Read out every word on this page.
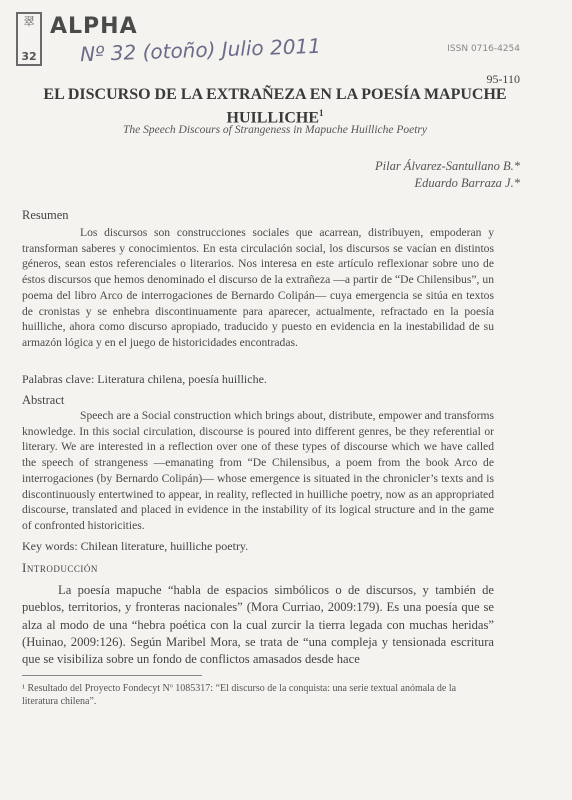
翠
32
ALPHA
Nº 32 (otoño) Julio 2011	ISSN 0716-4254
95-110
EL DISCURSO DE LA EXTRAÑEZA EN LA POESÍA MAPUCHE HUILLICHE$^1$
The Speech Discours of Strangeness in Mapuche Huilliche Poetry
Pilar Álvarez-Santullano B.*
Eduardo Barraza J.*
Resumen

Los discursos son construcciones sociales que acarrean, distribuyen, empoderan y transforman saberes y conocimientos. En esta circulación social, los discursos se vacían en distintos géneros, sean estos referenciales o literarios. Nos interesa en este artículo reflexionar sobre uno de éstos discursos que hemos denominado el discurso de la extrañeza —a partir de “De Chilensibus”, un poema del libro Arco de interrogaciones de Bernardo Colipán— cuya emergencia se sitúa en textos de cronistas y se enhebra discontinuamente para aparecer, actualmente, refractado en la poesía huilliche, ahora como discurso apropiado, traducido y puesto en evidencia en la inestabilidad de su armazón lógica y en el juego de historicidades encontradas.

Palabras clave: Literatura chilena, poesía huilliche.
Abstract

Speech are a Social construction which brings about, distribute, empower and transforms knowledge. In this social circulation, discourse is poured into different genres, be they referential or literary. We are interested in a reflection over one of these types of discourse which we have called the speech of strangeness —emanating from “De Chilensibus, a poem from the book Arco de interrogaciones (by Bernardo Colipán)— whose emergence is situated in the chronicler’s texts and is discontinuously entertwined to appear, in reality, reflected in huilliche poetry, now as an appropriated discourse, translated and placed in evidence in the instability of its logical structure and in the game of confronted historicities.

Key words: Chilean literature, huilliche poetry.
Introducción

La poesía mapuche “habla de espacios simbólicos o de discursos, y también de pueblos, territorios, y fronteras nacionales” (Mora Curriao, 2009:179). Es una poesía que se alza al modo de una “hebra poética con la cual zurcir la tierra legada con muchas heridas” (Huinao, 2009:126). Según Maribel Mora, se trata de “una compleja y tensionada escritura que se visibiliza sobre un fondo de conflictos amasados desde hace

¹ Resultado del Proyecto Fondecyt Nº 1085317: “El discurso de la conquista: una serie textual anómala de la literatura chilena”.
